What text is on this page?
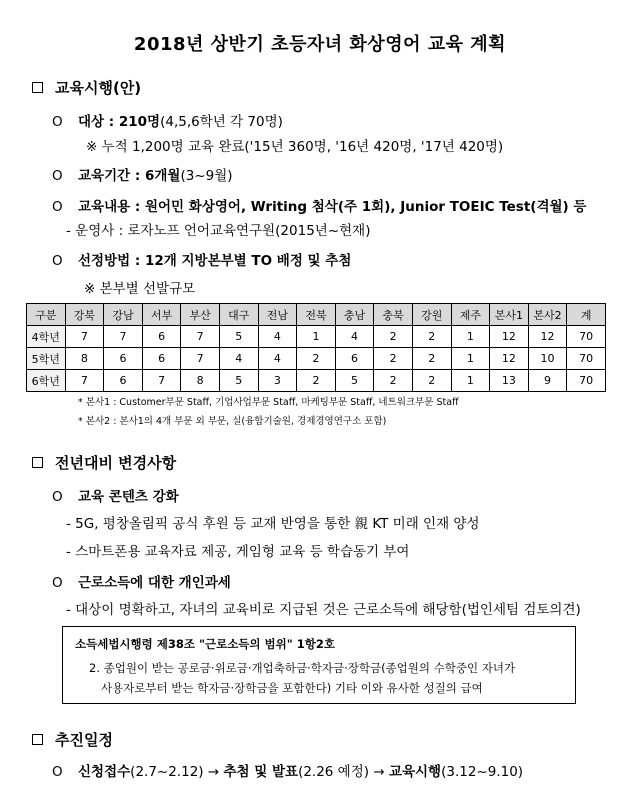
2018년 상반기 초등자녀 화상영어 교육 계획
교육시행(안)
O 대상 : 210명(4,5,6학년 각 70명)
※ 누적 1,200명 교육 완료('15년 360명, '16년 420명, '17년 420명)
O 교육기간 : 6개월(3~9월)
O 교육내용 : 원어민 화상영어, Writing 첨삭(주 1회), Junior TOEIC Test(격월) 등
- 운영사 : 로자노프 언어교육연구원(2015년~현재)
O 선정방법 : 12개 지방본부별 TO 배정 및 추첨
※ 본부별 선발규모
구분	강북	강남	서부	부산	대구	전남	전북	충남	충북	강원	제주	본사1	본사2	계
4학년	7	7	6	7	5	4	1	4	2	2	1	12	12	70
5학년	8	6	6	7	4	4	2	6	2	2	1	12	10	70
6학년	7	6	7	8	5	3	2	5	2	2	1	13	9	70
* 본사1 : Customer부문 Staff, 기업사업부문 Staff, 마케팅부문 Staff, 네트워크부문 Staff
* 본사2 : 본사1의 4개 부문 외 부문, 실(융합기술원, 경제경영연구소 포함)
전년대비 변경사항
O 교육 콘텐츠 강화
- 5G, 평창올림픽 공식 후원 등 교재 반영을 통한 親 KT 미래 인재 양성
- 스마트폰용 교육자료 제공, 게임형 교육 등 학습동기 부여
O 근로소득에 대한 개인과세
- 대상이 명확하고, 자녀의 교육비로 지급된 것은 근로소득에 해당함(법인세팀 검토의견)
소득세법시행령 제38조 "근로소득의 범위" 1항2호
2. 종업원이 받는 공로금·위로금·개업축하금·학자금·장학금(종업원의 수학중인 자녀가
사용자로부터 받는 학자금·장학금을 포함한다) 기타 이와 유사한 성질의 급여
추진일정
O 신청접수(2.7~2.12) → 추첨 및 발표(2.26 예정) → 교육시행(3.12~9.10)
